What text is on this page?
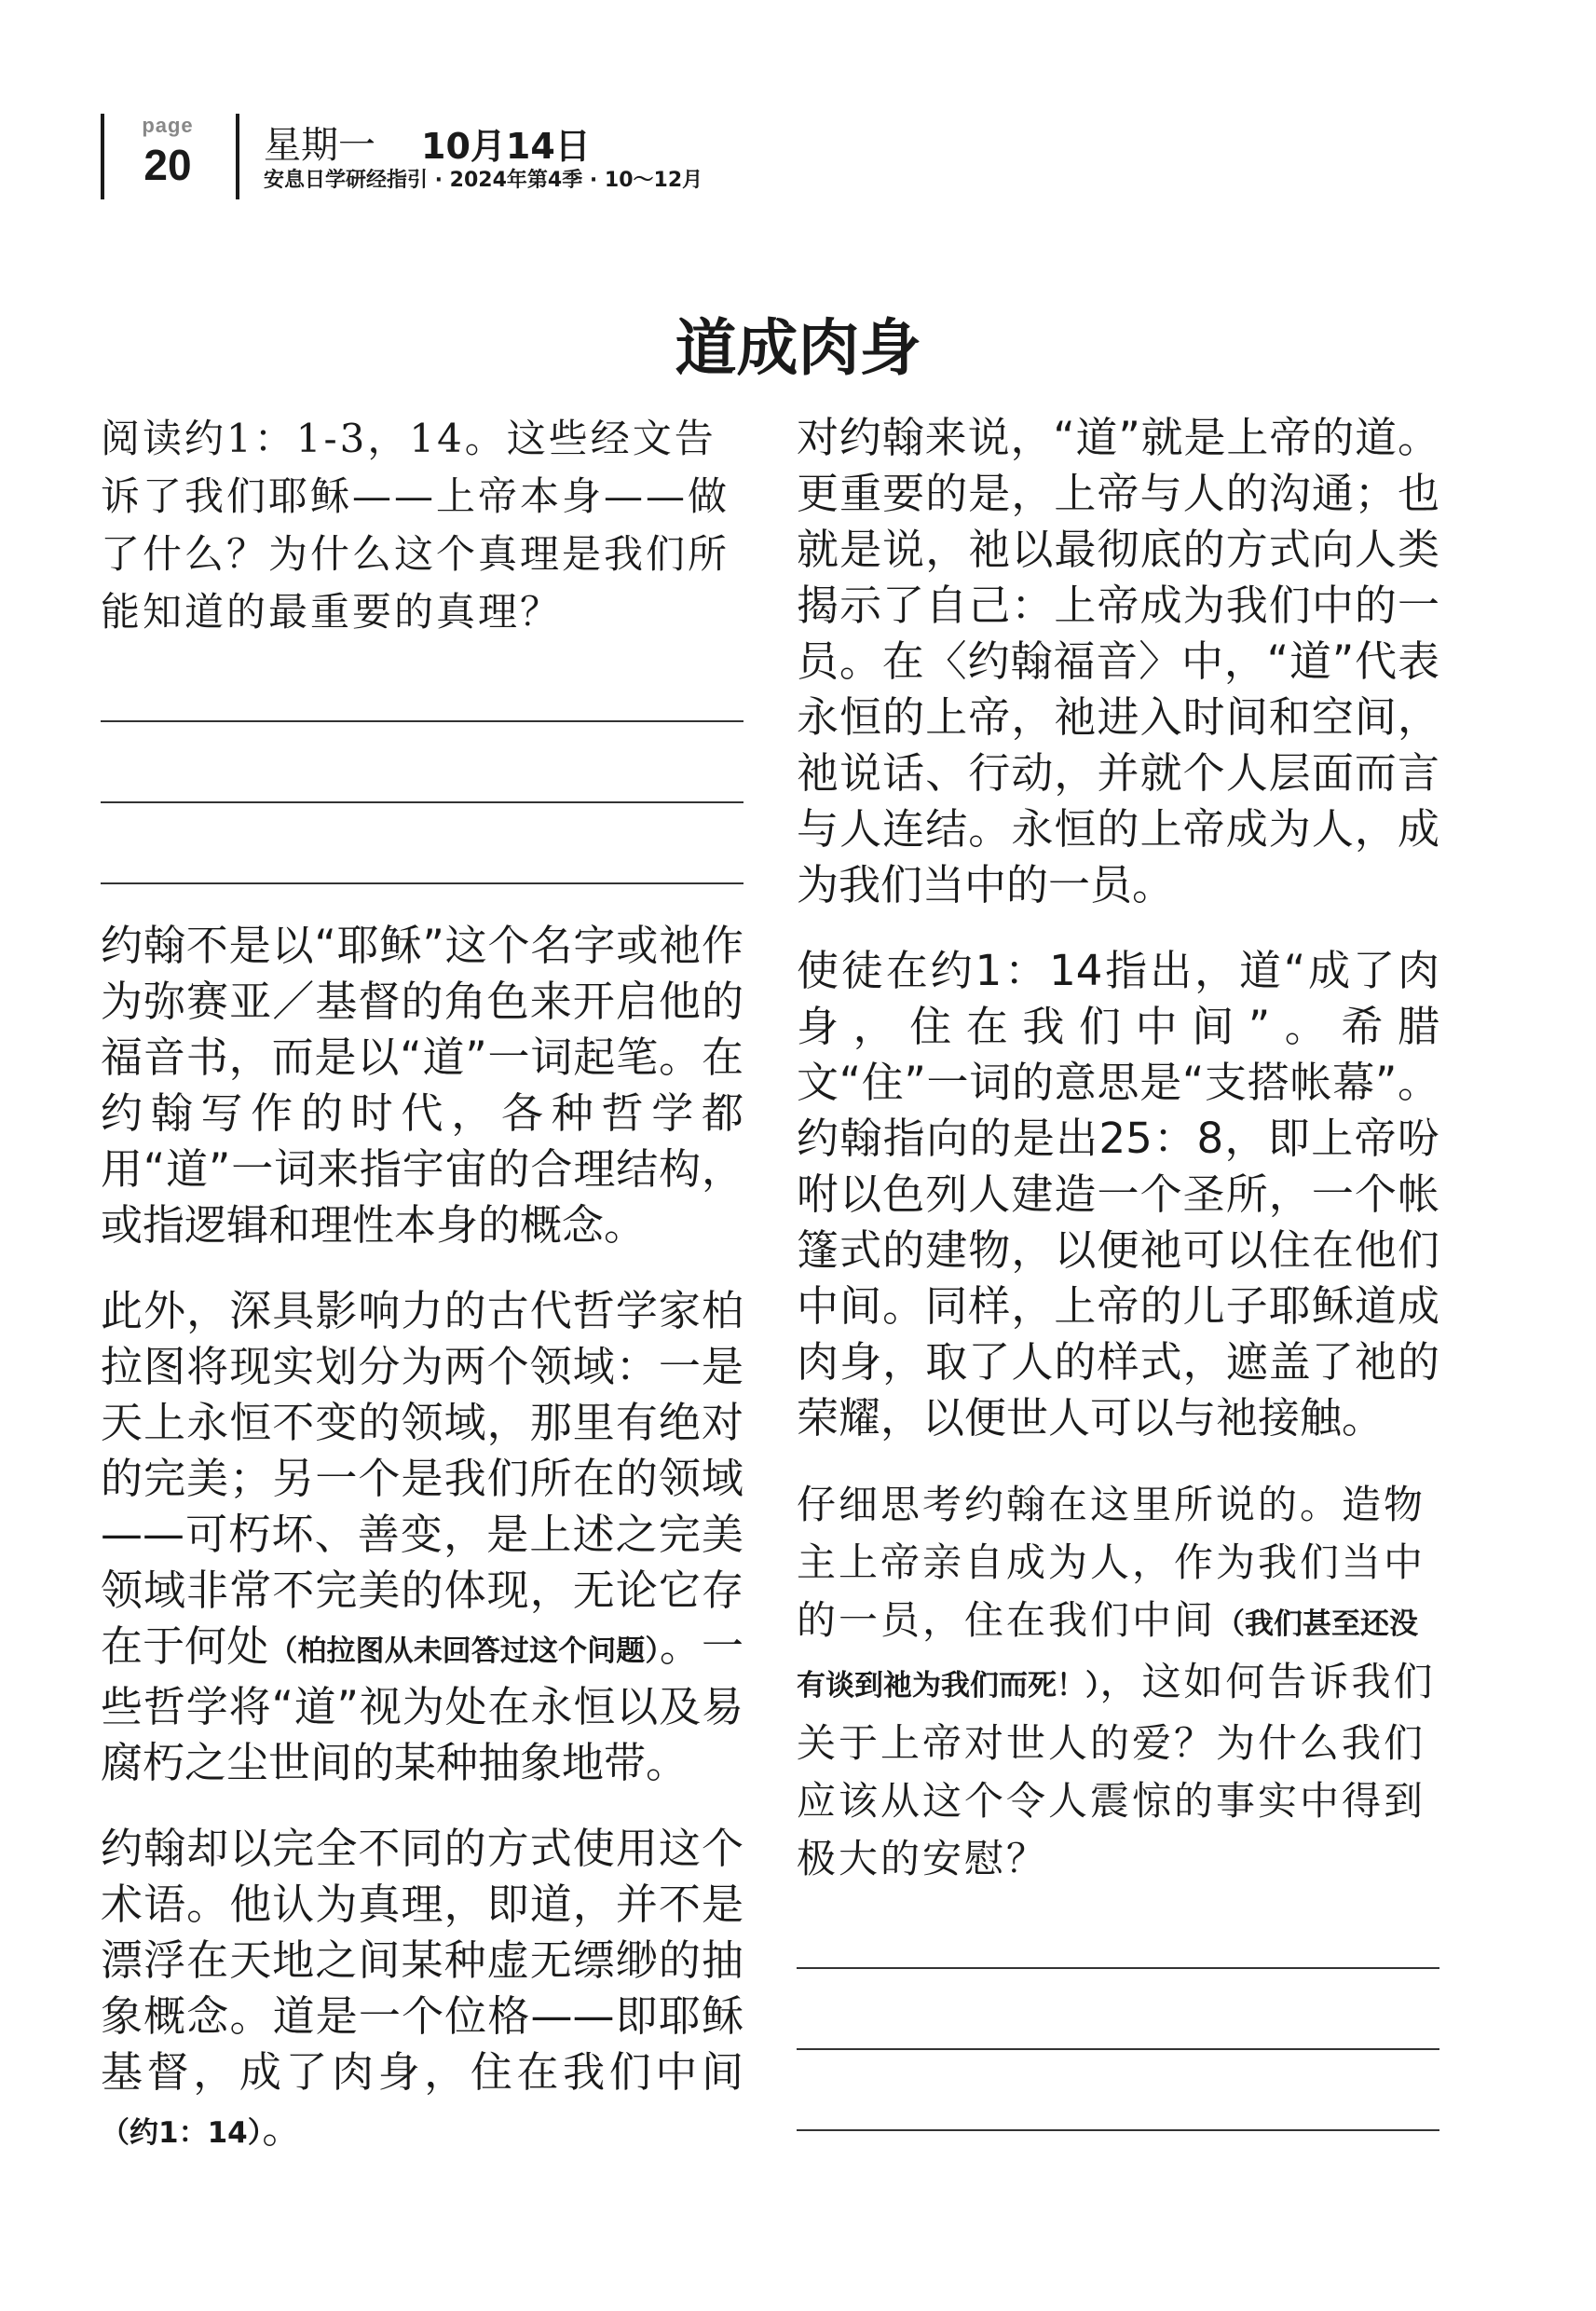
page
20	星期一 10月14日
安息日学研经指引 · 2024年第4季 · 10～12月
道成肉身

阅读约1：1-3，14。这些经文告诉了我们耶稣——上帝本身——做了什么？为什么这个真理是我们所能知道的最重要的真理？

约翰不是以“耶稣”这个名字或祂作为弥赛亚／基督的角色来开启他的福音书，而是以“道”一词起笔。在约翰写作的时代，各种哲学都用“道”一词来指宇宙的合理结构，或指逻辑和理性本身的概念。

此外，深具影响力的古代哲学家柏拉图将现实划分为两个领域：一是天上永恒不变的领域，那里有绝对的完美；另一个是我们所在的领域——可朽坏、善变，是上述之完美领域非常不完美的体现，无论它存在于何处（柏拉图从未回答过这个问题）。一些哲学将“道”视为处在永恒以及易腐朽之尘世间的某种抽象地带。

约翰却以完全不同的方式使用这个术语。他认为真理，即道，并不是漂浮在天地之间某种虚无缥缈的抽象概念。道是一个位格——即耶稣基督，成了肉身，住在我们中间（约1：14）。

对约翰来说，“道”就是上帝的道。更重要的是，上帝与人的沟通；也就是说，祂以最彻底的方式向人类揭示了自己：上帝成为我们中的一员。在〈约翰福音〉中，“道”代表永恒的上帝，祂进入时间和空间，祂说话、行动，并就个人层面而言与人连结。永恒的上帝成为人，成为我们当中的一员。

使徒在约1：14指出，道“成了肉身，住在我们中间”。希腊文“住”一词的意思是“支搭帐幕”。约翰指向的是出25：8，即上帝吩咐以色列人建造一个圣所，一个帐篷式的建物，以便祂可以住在他们中间。同样，上帝的儿子耶稣道成肉身，取了人的样式，遮盖了祂的荣耀，以便世人可以与祂接触。

仔细思考约翰在这里所说的。造物主上帝亲自成为人，作为我们当中的一员，住在我们中间（我们甚至还没有谈到祂为我们而死！），这如何告诉我们关于上帝对世人的爱？为什么我们应该从这个令人震惊的事实中得到极大的安慰？
